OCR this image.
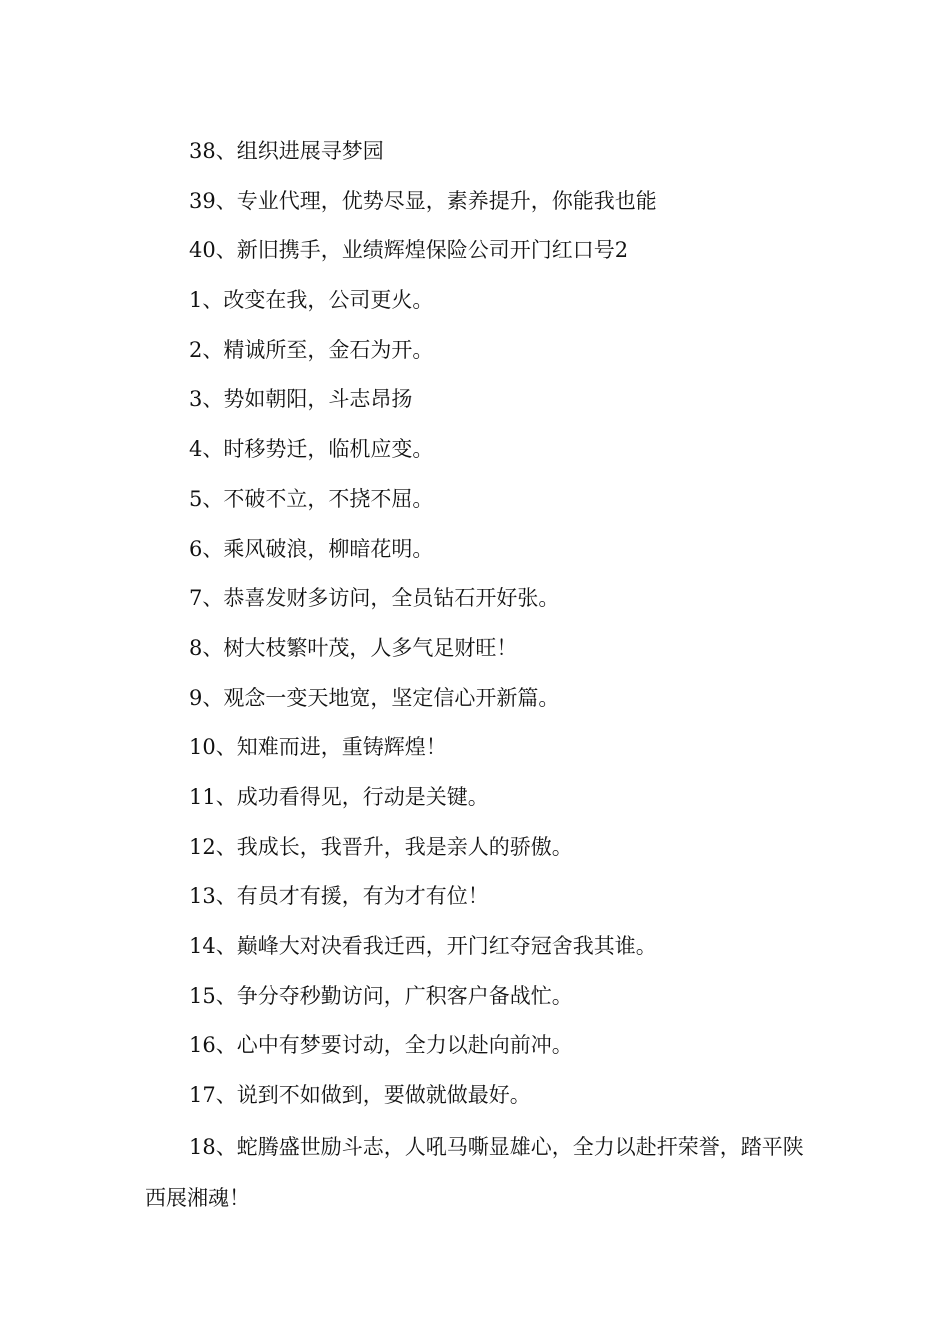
38、组织进展寻梦园

39、专业代理，优势尽显，素养提升，你能我也能

40、新旧携手，业绩辉煌保险公司开门红口号2

1、改变在我，公司更火。

2、精诚所至，金石为开。

3、势如朝阳，斗志昂扬

4、时移势迁，临机应变。

5、不破不立，不挠不屈。

6、乘风破浪，柳暗花明。

7、恭喜发财多访问，全员钻石开好张。

8、树大枝繁叶茂，人多气足财旺！

9、观念一变天地宽，坚定信心开新篇。

10、知难而进，重铸辉煌！

11、成功看得见，行动是关键。

12、我成长，我晋升，我是亲人的骄傲。

13、有员才有援，有为才有位！

14、巅峰大对决看我迁西，开门红夺冠舍我其谁。

15、争分夺秒勤访问，广积客户备战忙。

16、心中有梦要讨动，全力以赴向前冲。

17、说到不如做到，要做就做最好。

18、蛇腾盛世励斗志，人吼马嘶显雄心，全力以赴扞荣誉，踏平陕西展湘魂！
